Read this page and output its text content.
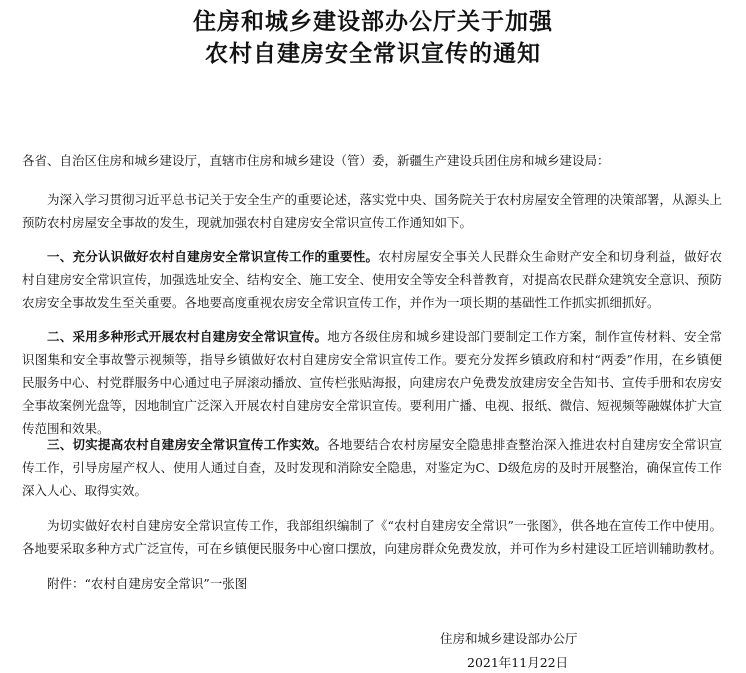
住房和城乡建设部办公厅关于加强
农村自建房安全常识宣传的通知
各省、自治区住房和城乡建设厅，直辖市住房和城乡建设（管）委，新疆生产建设兵团住房和城乡建设局：
为深入学习贯彻习近平总书记关于安全生产的重要论述，落实党中央、国务院关于农村房屋安全管理的决策部署，从源头上预防农村房屋安全事故的发生，现就加强农村自建房安全常识宣传工作通知如下。
一、充分认识做好农村自建房安全常识宣传工作的重要性。农村房屋安全事关人民群众生命财产安全和切身利益，做好农村自建房安全常识宣传，加强选址安全、结构安全、施工安全、使用安全等安全科普教育，对提高农民群众建筑安全意识、预防农房安全事故发生至关重要。各地要高度重视农房安全常识宣传工作，并作为一项长期的基础性工作抓实抓细抓好。
二、采用多种形式开展农村自建房安全常识宣传。地方各级住房和城乡建设部门要制定工作方案，制作宣传材料、安全常识图集和安全事故警示视频等，指导乡镇做好农村自建房安全常识宣传工作。要充分发挥乡镇政府和村“两委”作用，在乡镇便民服务中心、村党群服务中心通过电子屏滚动播放、宣传栏张贴海报，向建房农户免费发放建房安全告知书、宣传手册和农房安全事故案例光盘等，因地制宜广泛深入开展农村自建房安全常识宣传。要利用广播、电视、报纸、微信、短视频等融媒体扩大宣传范围和效果。
三、切实提高农村自建房安全常识宣传工作实效。各地要结合农村房屋安全隐患排查整治深入推进农村自建房安全常识宣传工作，引导房屋产权人、使用人通过自查，及时发现和消除安全隐患，对鉴定为C、D级危房的及时开展整治，确保宣传工作深入人心、取得实效。
为切实做好农村自建房安全常识宣传工作，我部组织编制了《“农村自建房安全常识”一张图》，供各地在宣传工作中使用。各地要采取多种方式广泛宣传，可在乡镇便民服务中心窗口摆放，向建房群众免费发放，并可作为乡村建设工匠培训辅助教材。
附件：“农村自建房安全常识”一张图
住房和城乡建设部办公厅
2021年11月22日
